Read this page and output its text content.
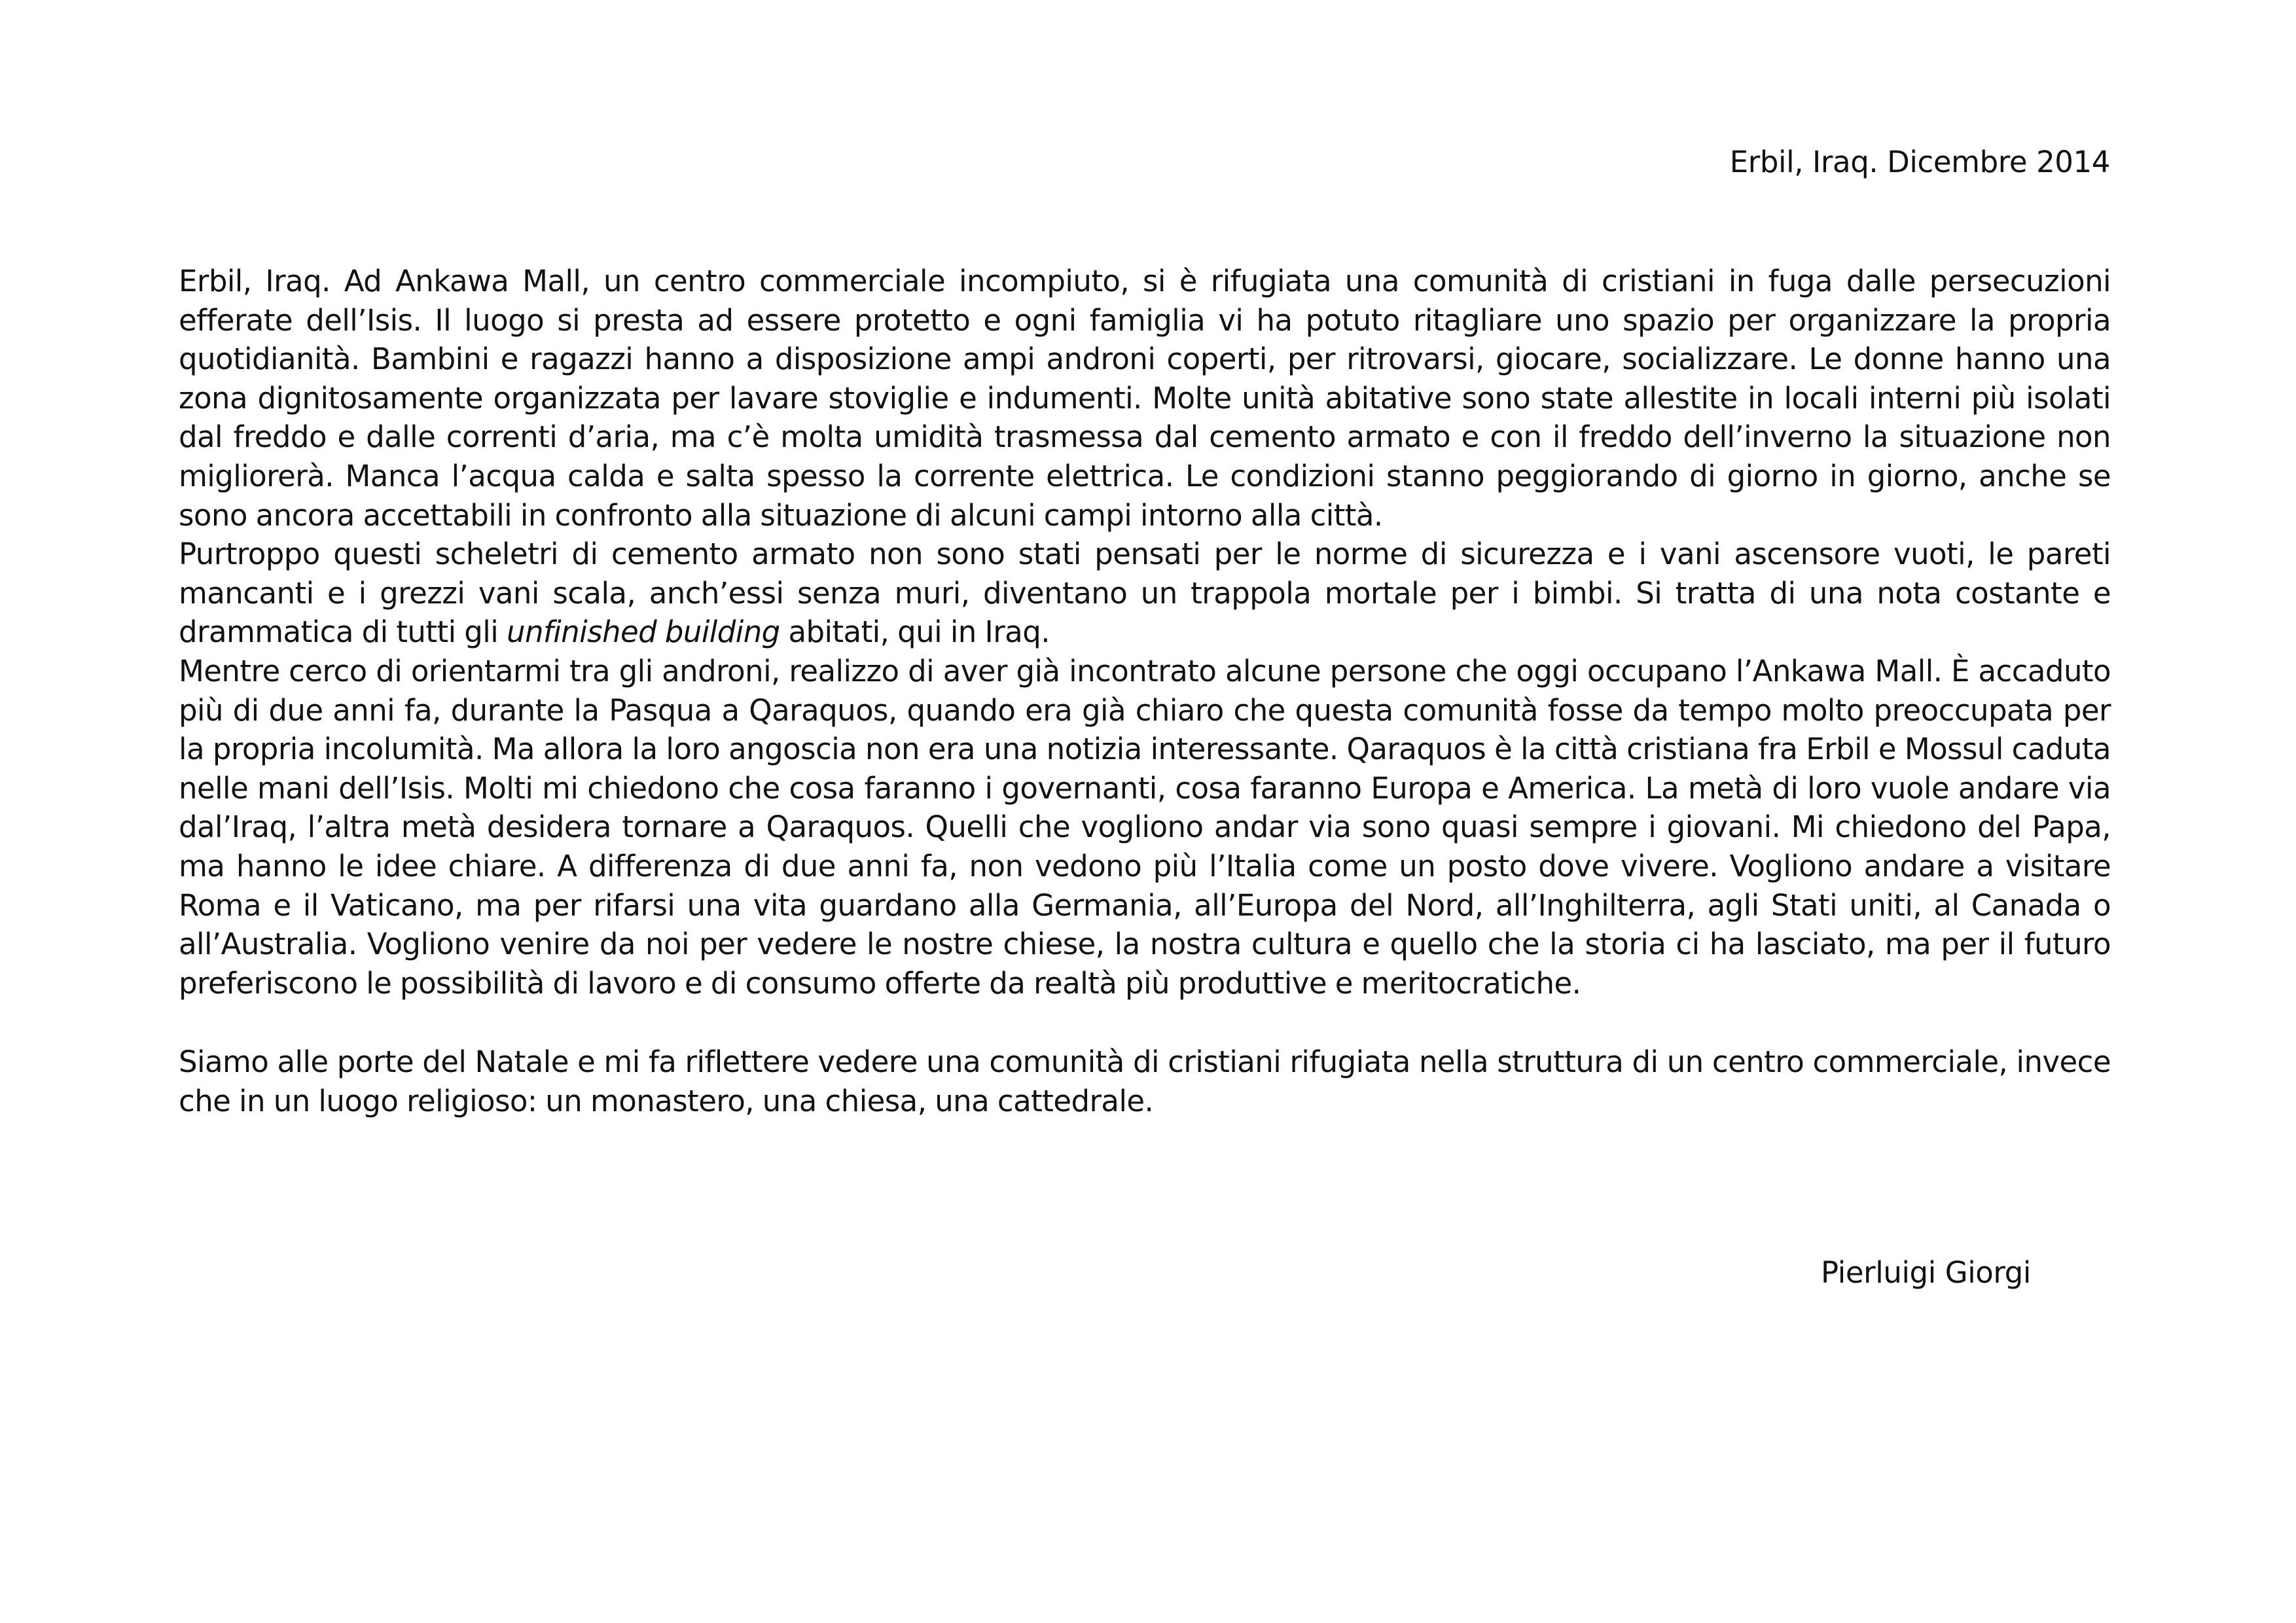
Erbil, Iraq. Dicembre 2014

Erbil, Iraq. Ad Ankawa Mall, un centro commerciale incompiuto, si è rifugiata una comunità di cristiani in fuga dalle persecuzioni efferate dell’Isis. Il luogo si presta ad essere protetto e ogni famiglia vi ha potuto ritagliare uno spazio per organizzare la propria quotidianità. Bambini e ragazzi hanno a disposizione ampi androni coperti, per ritrovarsi, giocare, socializzare. Le donne hanno una zona dignitosamente organizzata per lavare stoviglie e indumenti. Molte unità abitative sono state allestite in locali interni più isolati dal freddo e dalle correnti d’aria, ma c’è molta umidità trasmessa dal cemento armato e con il freddo dell’inverno la situazione non migliorerà. Manca l’acqua calda e salta spesso la corrente elettrica. Le condizioni stanno peggiorando di giorno in giorno, anche se sono ancora accettabili in confronto alla situazione di alcuni campi intorno alla città.

Purtroppo questi scheletri di cemento armato non sono stati pensati per le norme di sicurezza e i vani ascensore vuoti, le pareti mancanti e i grezzi vani scala, anch’essi senza muri, diventano un trappola mortale per i bimbi. Si tratta di una nota costante e drammatica di tutti gli unfinished building abitati, qui in Iraq.

Mentre cerco di orientarmi tra gli androni, realizzo di aver già incontrato alcune persone che oggi occupano l’Ankawa Mall. È accaduto più di due anni fa, durante la Pasqua a Qaraquos, quando era già chiaro che questa comunità fosse da tempo molto preoccupata per la propria incolumità. Ma allora la loro angoscia non era una notizia interessante. Qaraquos è la città cristiana fra Erbil e Mossul caduta nelle mani dell’Isis. Molti mi chiedono che cosa faranno i governanti, cosa faranno Europa e America. La metà di loro vuole andare via dal’Iraq, l’altra metà desidera tornare a Qaraquos. Quelli che vogliono andar via sono quasi sempre i giovani. Mi chiedono del Papa, ma hanno le idee chiare. A differenza di due anni fa, non vedono più l’Italia come un posto dove vivere. Vogliono andare a visitare Roma e il Vaticano, ma per rifarsi una vita guardano alla Germania, all’Europa del Nord, all’Inghilterra, agli Stati uniti, al Canada o all’Australia. Vogliono venire da noi per vedere le nostre chiese, la nostra cultura e quello che la storia ci ha lasciato, ma per il futuro preferiscono le possibilità di lavoro e di consumo offerte da realtà più produttive e meritocratiche.

Siamo alle porte del Natale e mi fa riflettere vedere una comunità di cristiani rifugiata nella struttura di un centro commerciale, invece che in un luogo religioso: un monastero, una chiesa, una cattedrale.

Pierluigi Giorgi
